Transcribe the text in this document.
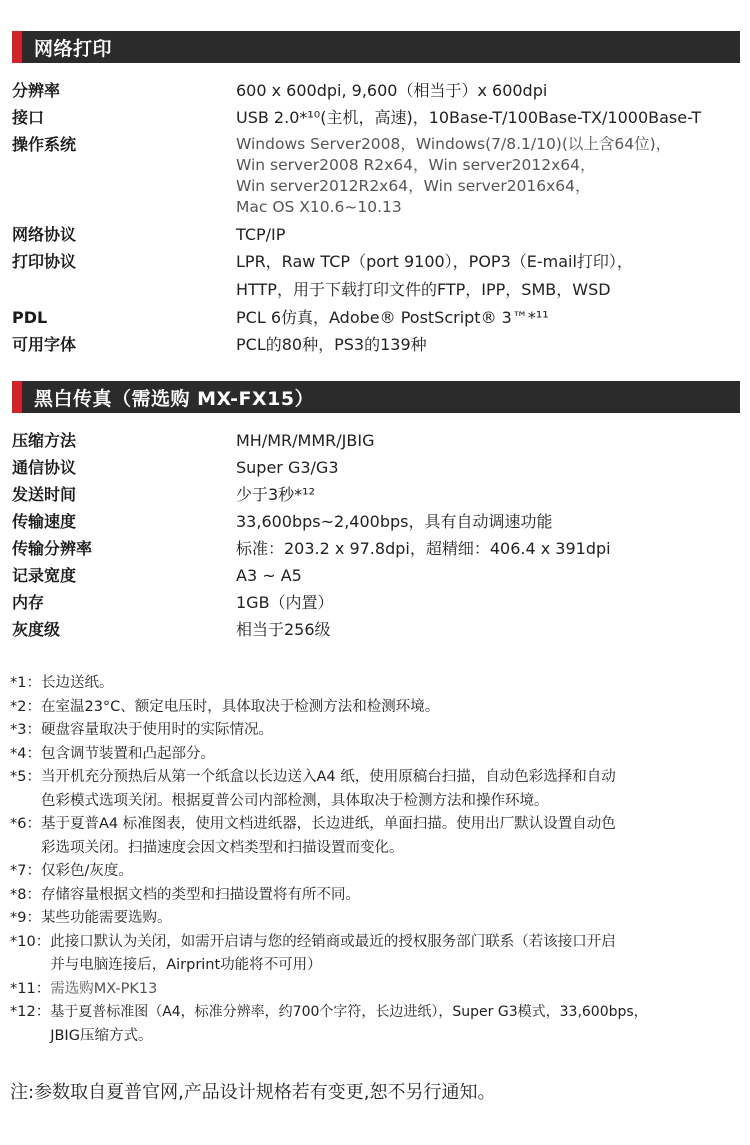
网络打印
分辨率	600 x 600dpi, 9,600（相当于）x 600dpi
接口	USB 2.0*¹⁰(主机，高速)，10Base-T/100Base-TX/1000Base-T
操作系统	Windows Server2008，Windows(7/8.1/10)(以上含64位)，
Win server2008 R2x64，Win server2012x64，
Win server2012R2x64，Win server2016x64，
Mac OS X10.6~10.13
网络协议	TCP/IP
打印协议	LPR，Raw TCP（port 9100），POP3（E-mail打印），
HTTP，用于下载打印文件的FTP，IPP，SMB，WSD
PDL	PCL 6仿真，Adobe® PostScript® 3™*¹¹
可用字体	PCL的80种，PS3的139种
黑白传真（需选购 MX-FX15）
压缩方法	MH/MR/MMR/JBIG
通信协议	Super G3/G3
发送时间	少于3秒*¹²
传输速度	33,600bps~2,400bps，具有自动调速功能
传输分辨率	标准：203.2 x 97.8dpi，超精细：406.4 x 391dpi
记录宽度	A3 ~ A5
内存	1GB（内置）
灰度级	相当于256级
*1： 长边送纸。
*2： 在室温23°C、额定电压时，具体取决于检测方法和检测环境。
*3： 硬盘容量取决于使用时的实际情况。
*4： 包含调节装置和凸起部分。
*5： 当开机充分预热后从第一个纸盒以长边送入A4 纸，使用原稿台扫描，自动色彩选择和自动
色彩模式选项关闭。根据夏普公司内部检测，具体取决于检测方法和操作环境。
*6： 基于夏普A4 标准图表，使用文档进纸器，长边进纸，单面扫描。使用出厂默认设置自动色
彩选项关闭。扫描速度会因文档类型和扫描设置而变化。
*7： 仅彩色/灰度。
*8： 存储容量根据文档的类型和扫描设置将有所不同。
*9： 某些功能需要选购。
*10： 此接口默认为关闭，如需开启请与您的经销商或最近的授权服务部门联系（若该接口开启
并与电脑连接后，Airprint功能将不可用）
*11： 需选购MX-PK13
*12： 基于夏普标准图（A4，标准分辨率，约700个字符，长边进纸），Super G3模式，33,600bps，
JBIG压缩方式。
注:参数取自夏普官网,产品设计规格若有变更,恕不另行通知。
